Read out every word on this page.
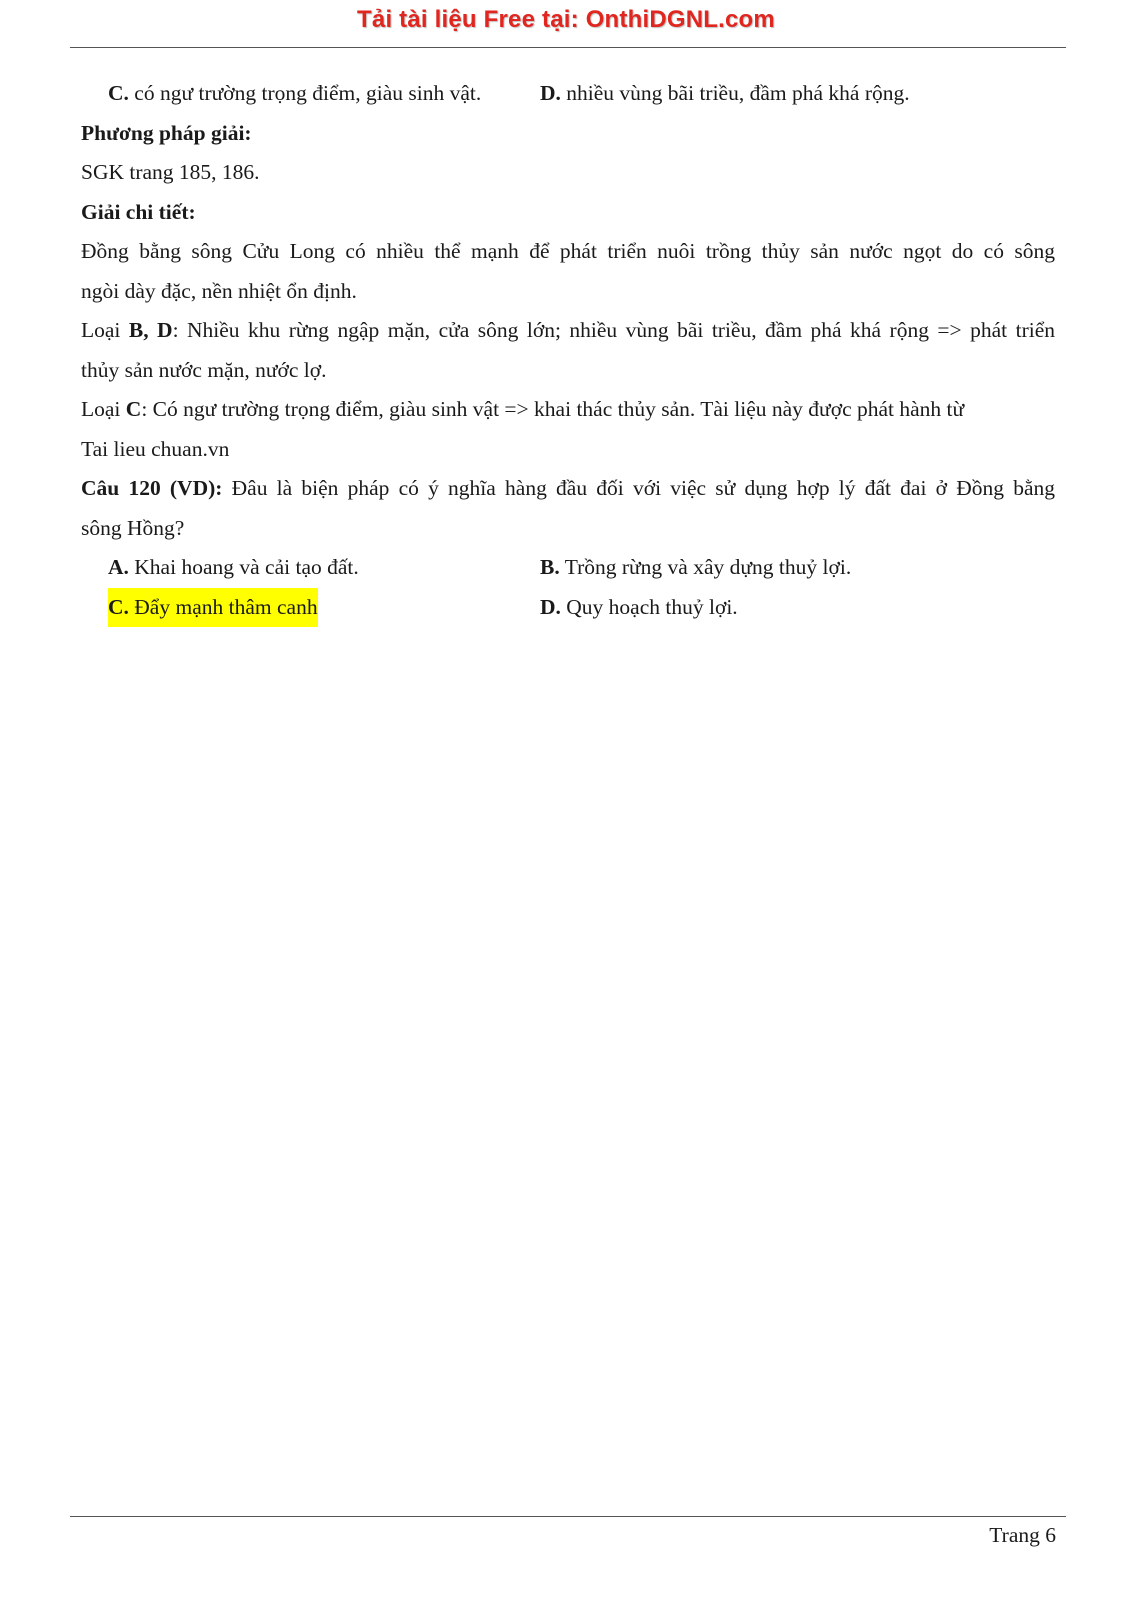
Tải tài liệu Free tại: OnthiDGNL.com
C. có ngư trường trọng điểm, giàu sinh vật.	D. nhiều vùng bãi triều, đầm phá khá rộng.

Phương pháp giải:

SGK trang 185, 186.

Giải chi tiết:

Đồng bằng sông Cửu Long có nhiều thể mạnh để phát triển nuôi trồng thủy sản nước ngọt do có sông

ngòi dày đặc, nền nhiệt ổn định.

Loại B, D: Nhiều khu rừng ngập mặn, cửa sông lớn; nhiều vùng bãi triều, đầm phá khá rộng => phát triển

thủy sản nước mặn, nước lợ.

Loại C: Có ngư trường trọng điểm, giàu sinh vật => khai thác thủy sản. Tài liệu này được phát hành từ

Tai lieu chuan.vn

Câu 120 (VD): Đâu là biện pháp có ý nghĩa hàng đầu đối với việc sử dụng hợp lý đất đai ở Đồng bằng

sông Hồng?

A. Khai hoang và cải tạo đất.	B. Trồng rừng và xây dựng thuỷ lợi.
C. Đẩy mạnh thâm canh	D. Quy hoạch thuỷ lợi.
Trang 6
